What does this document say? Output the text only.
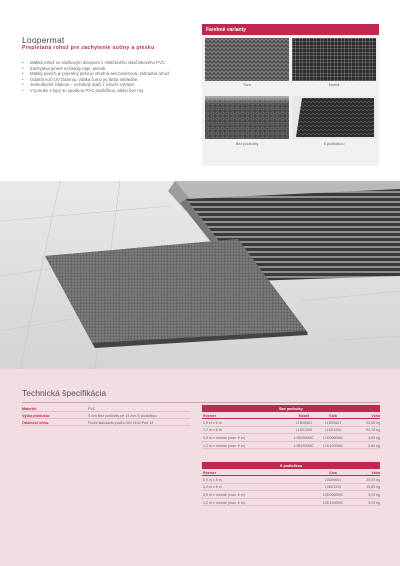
Loopermat
Prepletaná rohož pre zachytenie sutiny a piesku
• Mäkká rohož so slučkovým dizajnom z mäkčeného vlasčnikového PVC.
• Zachytáva jemné nečistoty napr. piesok.
• Mäkký povrch je príjemný pešo je vhodná ako bosénová, záhradná rohož.
• Odolná voči UV žiareniu, vďaka čomu jej farba nebledne.
• Jednoduché čistenie – nečistoty stačí z rohože vytriasť.
• V ponuke 2 typy so spodnou PVC podložkou, alebo bez nej.
Farebné varianty
Sivá	Modrá
Bez podložky	S podložkou
Technická špecifikácia
Materiál:	PVC
Výška produktu:	9 mm Bez podložky pri 14 mm S podložkou
Odolnosť ohňu:	Podľa štandardu podľa DIN 4102 Part 14
Bez podložky
Rozmer	Modrá	Sivá	Váha
0,9 m x 6 m	L1B00601	L1D00601	20,00 kg
1,2 m x 6 m	L1S01200	L1D01200	52,70 kg
0,9 m x metráž (max. 6 m)	L1B0900MC	L1D0900MC	4,80 kg
1,2 m x metráž (max. 6 m)	L1B1200MC	L1D1200MC	5,80 kg
S podložkou
Rozmer	Sivá	Váha
0,9 m x 6 m	L0D00601	20,20 kg
1,2 m x 6 m	L0D01200	13,60 kg
0,9 m x metráž (max. 6 m)	L0D0900MC	3,20 kg
1,2 m x metráž (max. 6 m)	L0D1200MC	3,20 kg
